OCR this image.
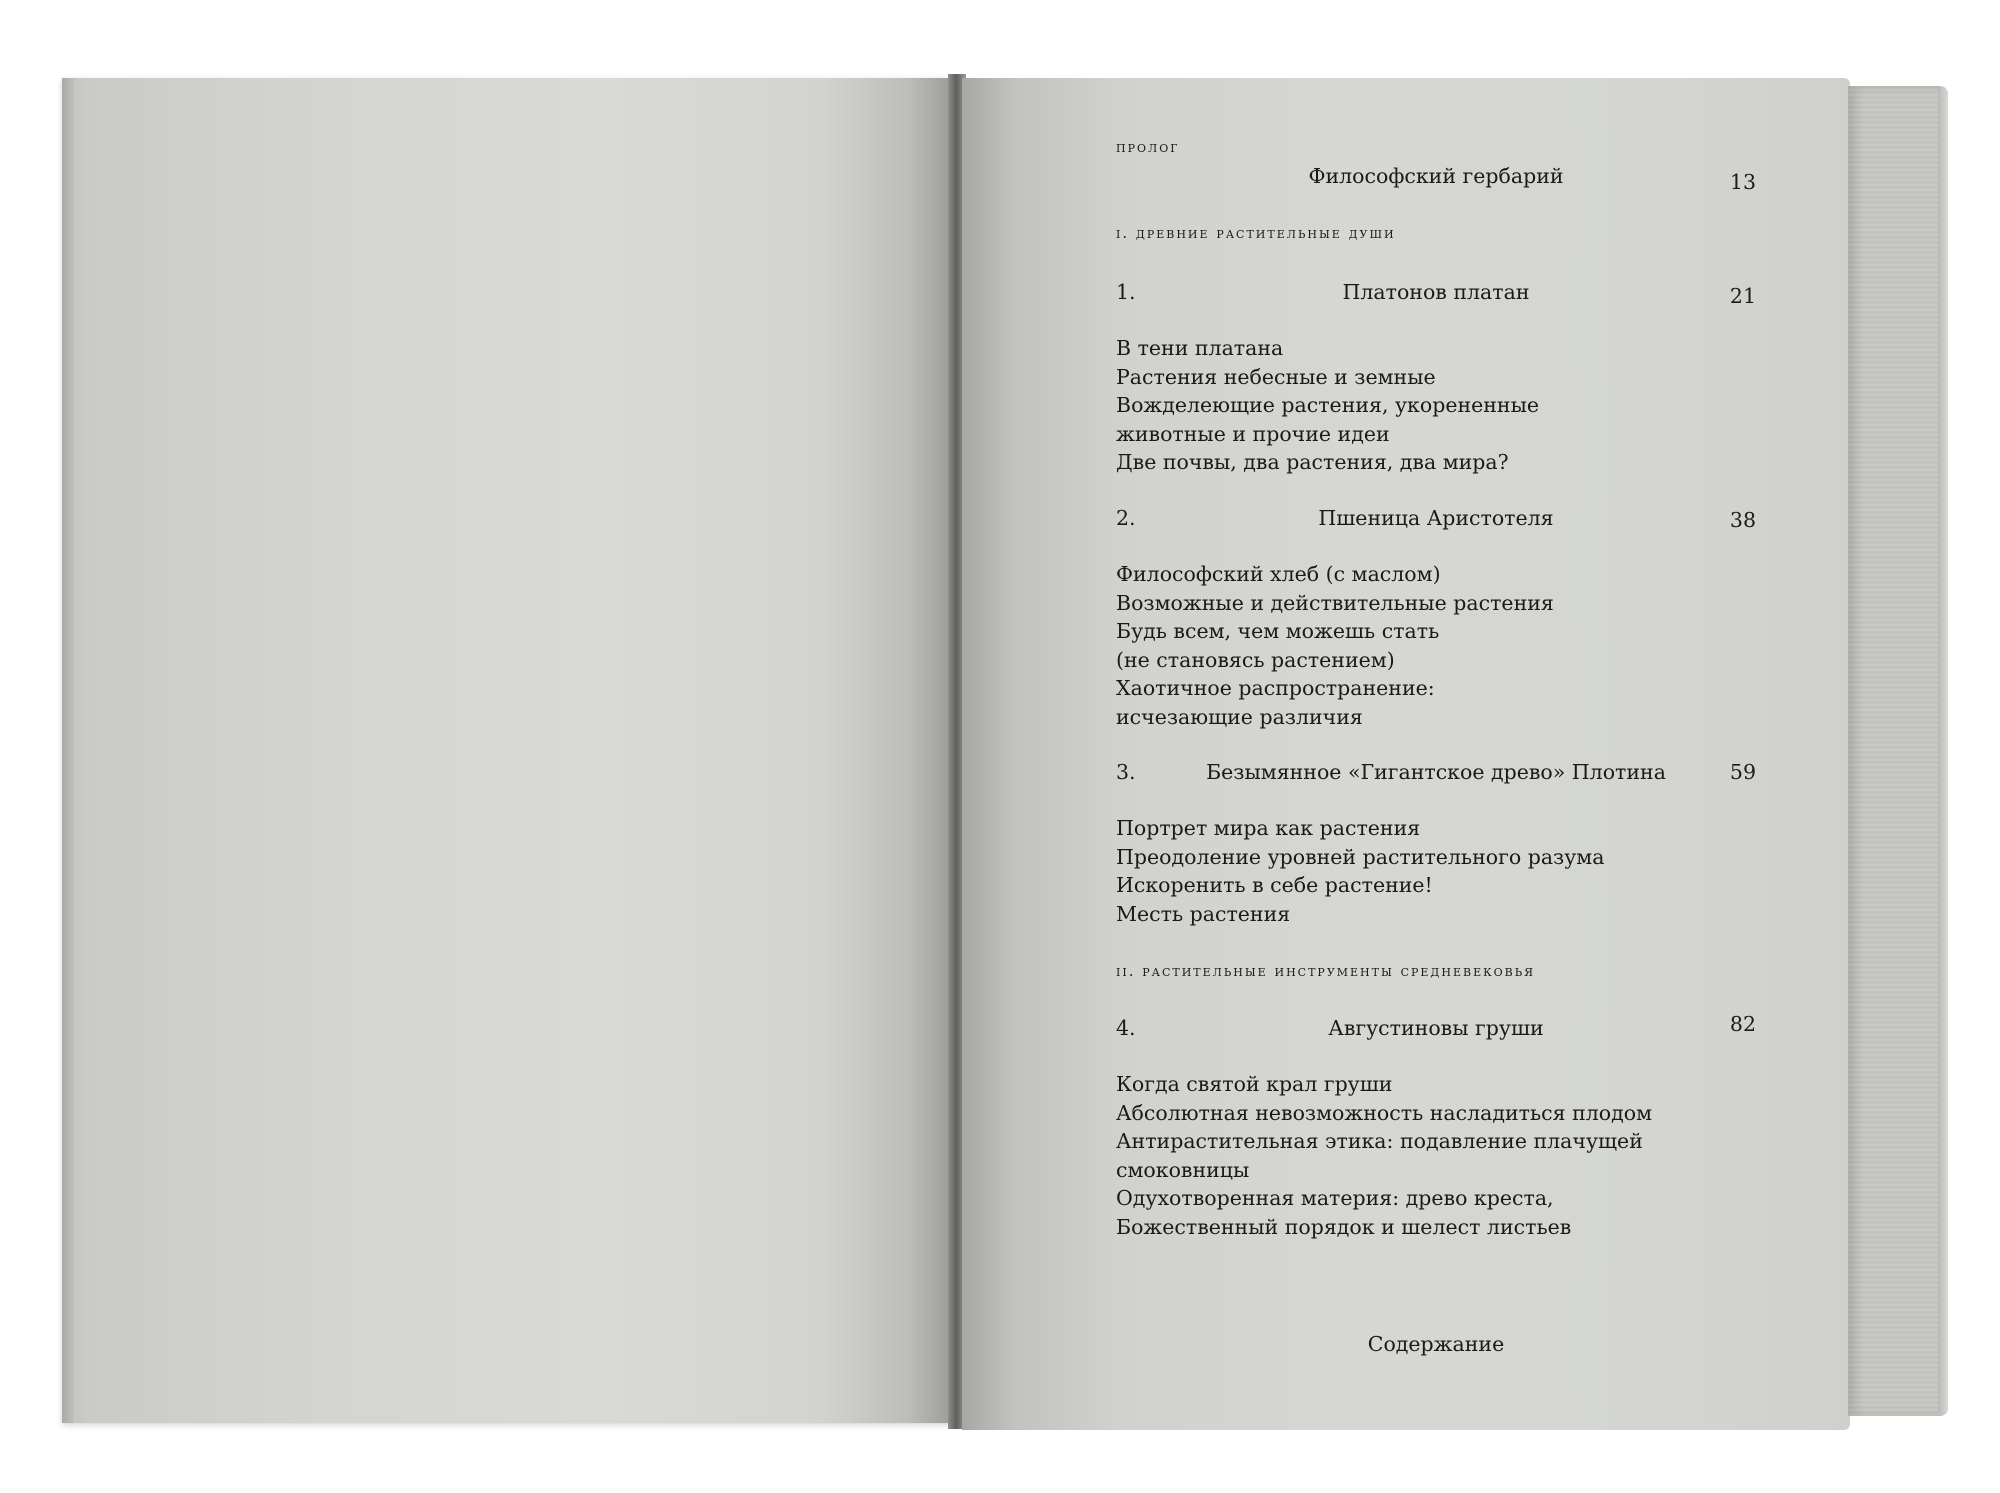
пролог
Философский гербарий	13
i. древние растительные души
1.	Платонов платан	21
В тени платана
Растения небесные и земные
Вожделеющие растения, укорененные
животные и прочие идеи
Две почвы, два растения, два мира?
2.	Пшеница Аристотеля	38
Философский хлеб (с маслом)
Возможные и действительные растения
Будь всем, чем можешь стать
(не становясь растением)
Хаотичное распространение:
исчезающие различия
3.	Безымянное «Гигантское древо» Плотина	59
Портрет мира как растения
Преодоление уровней растительного разума
Искоренить в себе растение!
Месть растения
ii. растительные инструменты средневековья
4.	Августиновы груши	82
Когда святой крал груши
Абсолютная невозможность насладиться плодом
Антирастительная этика: подавление плачущей
смоковницы
Одухотворенная материя: древо креста,
Божественный порядок и шелест листьев
Содержание
